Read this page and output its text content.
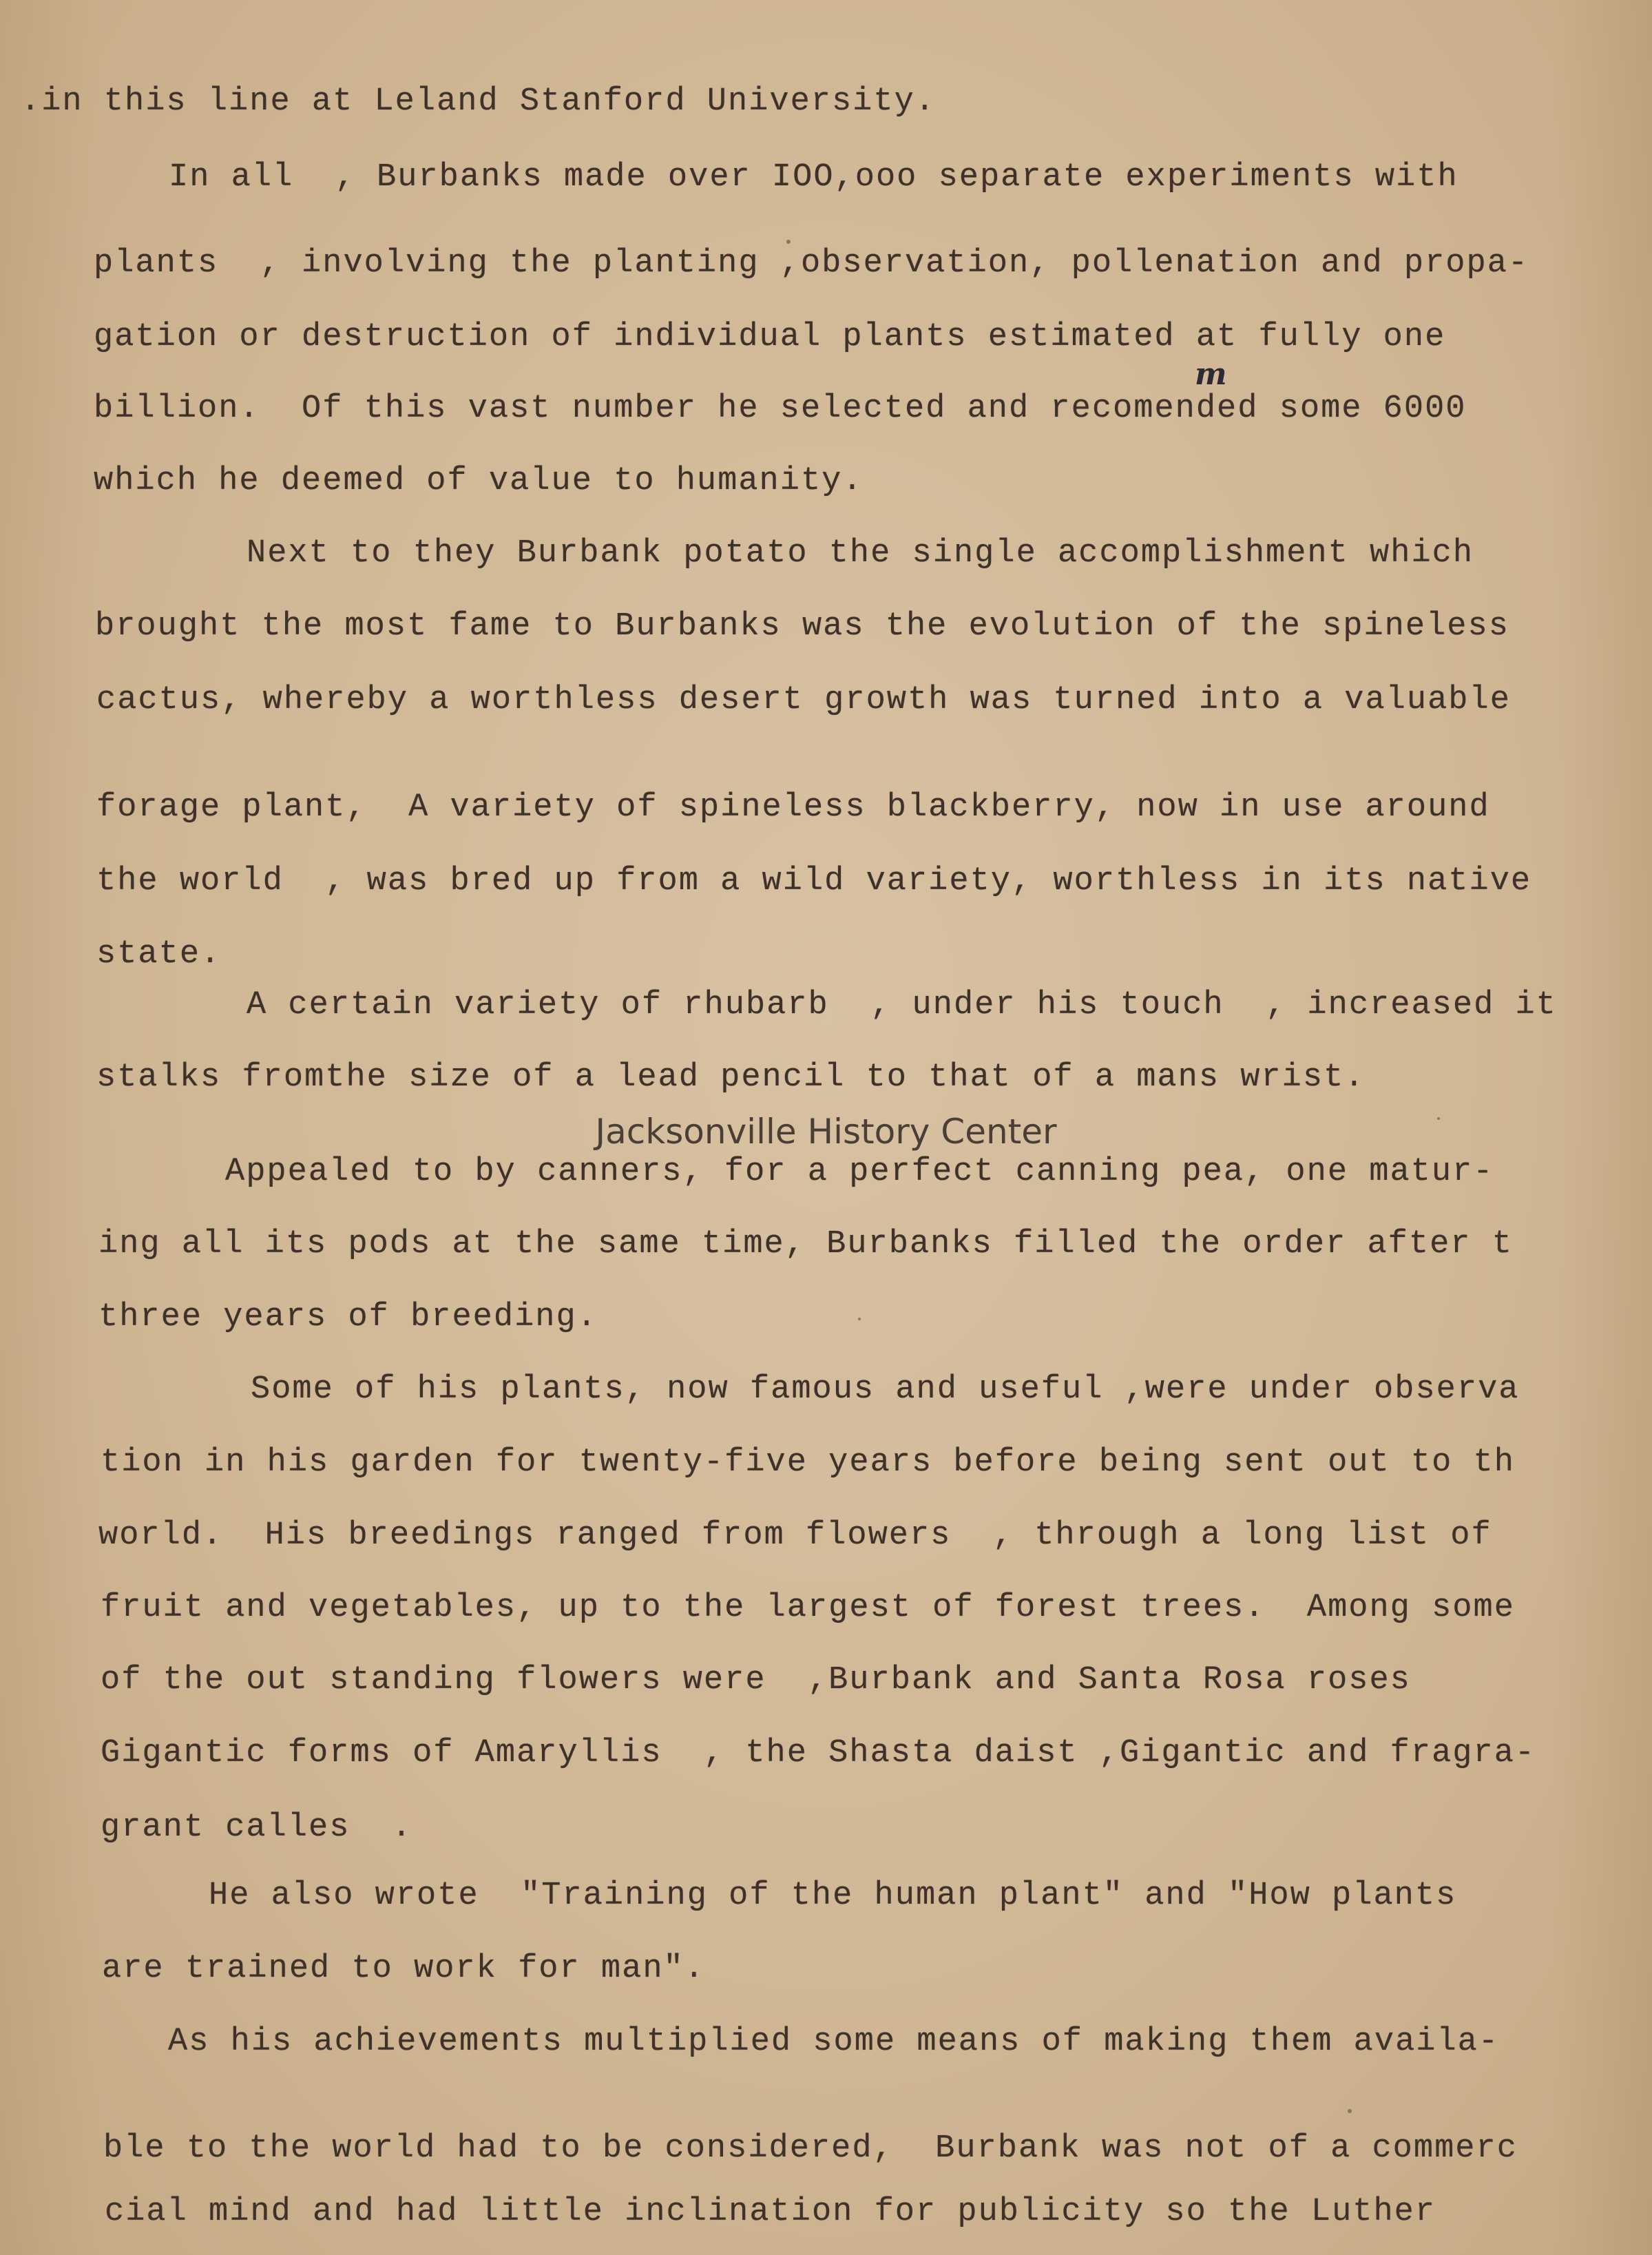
.in this line at Leland Stanford University.
In all  , Burbanks made over IOO,ooo separate experiments with
plants  , involving the planting ,observation, pollenation and propa-
gation or destruction of individual plants estimated at fully one
billion.  Of this vast number he selected and recomended some 6000
which he deemed of value to humanity.
Next to they Burbank potato the single accomplishment which
brought the most fame to Burbanks was the evolution of the spineless
cactus, whereby a worthless desert growth was turned into a valuable
forage plant,  A variety of spineless blackberry, now in use around
the world  , was bred up from a wild variety, worthless in its native
state.
A certain variety of rhubarb  , under his touch  , increased it
stalks fromthe size of a lead pencil to that of a mans wrist.
Appealed to by canners, for a perfect canning pea, one matur-
ing all its pods at the same time, Burbanks filled the order after t
three years of breeding.
Some of his plants, now famous and useful ,were under observa
tion in his garden for twenty-five years before being sent out to th
world.  His breedings ranged from flowers  , through a long list of
fruit and vegetables, up to the largest of forest trees.  Among some
of the out standing flowers were  ,Burbank and Santa Rosa roses
Gigantic forms of Amaryllis  , the Shasta daist ,Gigantic and fragra-
grant calles  .
He also wrote  "Training of the human plant" and "How plants
are trained to work for man".
As his achievements multiplied some means of making them availa-
ble to the world had to be considered,  Burbank was not of a commerc
cial mind and had little inclination for publicity so the Luther
m
Jacksonville History Center
